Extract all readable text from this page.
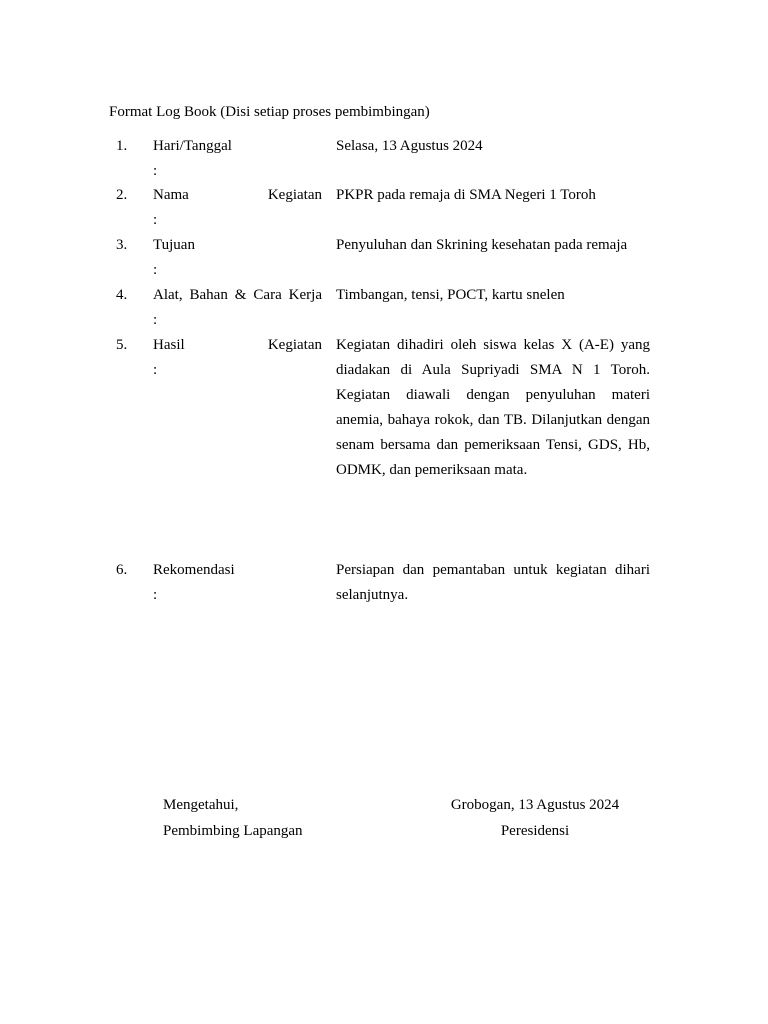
Format Log Book (Disi setiap proses pembimbingan)
1. Hari/Tanggal
:
Selasa, 13 Agustus 2024
2. Nama Kegiatan
:
PKPR pada remaja di SMA Negeri 1 Toroh
3. Tujuan
:
Penyuluhan dan Skrining kesehatan pada remaja
4. Alat, Bahan & Cara Kerja
:
Timbangan, tensi, POCT, kartu snelen
5. Hasil Kegiatan
:
Kegiatan dihadiri oleh siswa kelas X (A-E) yang diadakan di Aula Supriyadi SMA N 1 Toroh. Kegiatan diawali dengan penyuluhan materi anemia, bahaya rokok, dan TB. Dilanjutkan dengan senam bersama dan pemeriksaan Tensi, GDS, Hb, ODMK, dan pemeriksaan mata.
6. Rekomendasi
:
Persiapan dan pemantaban untuk kegiatan dihari selanjutnya.
Mengetahui,
Pembimbing Lapangan
Grobogan, 13 Agustus 2024
Peresidensi
